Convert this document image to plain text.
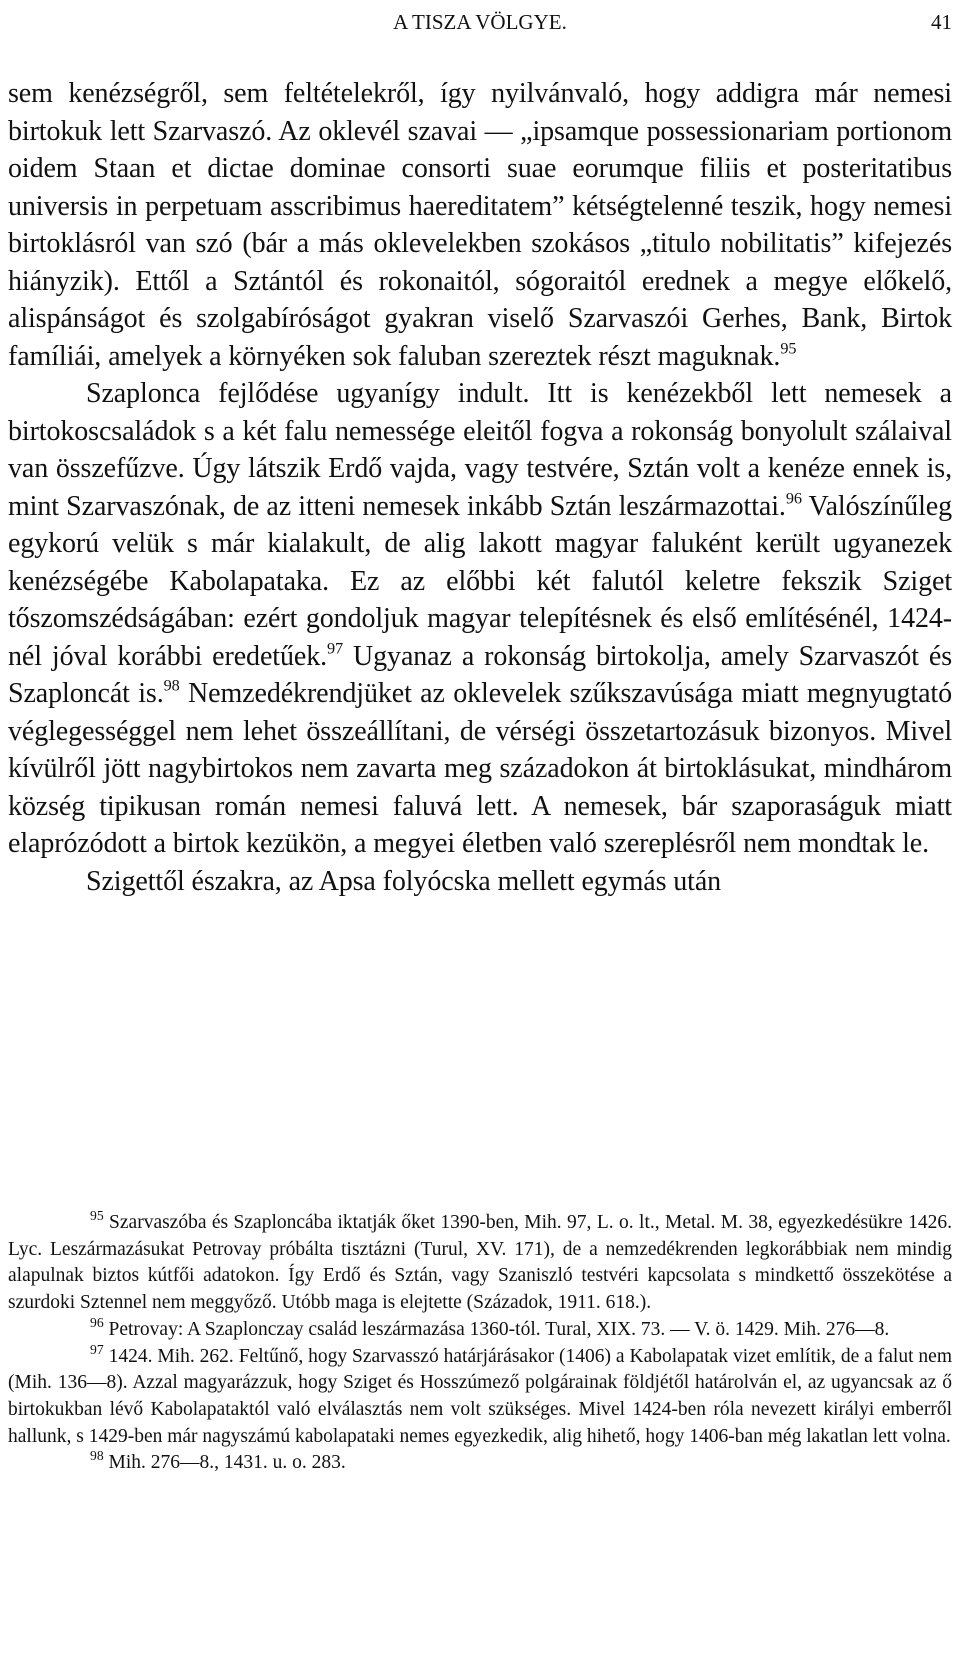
A TISZA VÖLGYE.	41

sem kenézségről, sem feltételekről, így nyilvánvaló, hogy addigra már nemesi birtokuk lett Szarvaszó. Az oklevél szavai — „ipsamque possessionariam portionom oidem Staan et dictae dominae consorti suae eorumque filiis et posteritatibus universis in perpetuam asscribimus haereditatem” kétségtelenné teszik, hogy nemesi birtoklásról van szó (bár a más oklevelekben szokásos „titulo nobilitatis” kifejezés hiányzik). Ettől a Sztántól és rokonaitól, sógoraitól erednek a megye előkelő, alispánságot és szolgabíróságot gyakran viselő Szarvaszói Gerhes, Bank, Birtok famíliái, amelyek a környéken sok faluban szereztek részt maguknak.$^{95}$

Szaplonca fejlődése ugyanígy indult. Itt is kenézekből lett nemesek a birtokoscsaládok s a két falu nemessége eleitől fogva a rokonság bonyolult szálaival van összefűzve. Úgy látszik Erdő vajda, vagy testvére, Sztán volt a kenéze ennek is, mint Szarvaszónak, de az itteni nemesek inkább Sztán leszármazottai.$^{96}$ Valószínűleg egykorú velük s már kialakult, de alig lakott magyar faluként került ugyanezek kenézségébe Kabolapataka. Ez az előbbi két falutól keletre fekszik Sziget tőszomszédságában: ezért gondoljuk magyar telepítésnek és első említésénél, 1424-nél jóval korábbi eredetűek.$^{97}$ Ugyanaz a rokonság birtokolja, amely Szarvaszót és Szaploncát is.$^{98}$ Nemzedékrendjüket az oklevelek szűkszavúsága miatt megnyugtató véglegességgel nem lehet összeállítani, de vérségi összetartozásuk bizonyos. Mivel kívülről jött nagybirtokos nem zavarta meg századokon át birtoklásukat, mindhárom község tipikusan román nemesi faluvá lett. A nemesek, bár szaporaságuk miatt elaprózódott a birtok kezükön, a megyei életben való szereplésről nem mondtak le.

Szigettől északra, az Apsa folyócska mellett egymás után

$^{95}$ Szarvaszóba és Szaploncába iktatják őket 1390-ben, Mih. 97, L. o. lt., Metal. M. 38, egyezkedésükre 1426. Lyc. Leszármazásukat Petrovay próbálta tisztázni (Turul, XV. 171), de a nemzedékrenden legkorábbiak nem mindig alapulnak biztos kútfői adatokon. Így Erdő és Sztán, vagy Szaniszló testvéri kapcsolata s mindkettő összekötése a szurdoki Sztennel nem meggyőző. Utóbb maga is elejtette (Századok, 1911. 618.).

$^{96}$ Petrovay: A Szaplonczay család leszármazása 1360-tól. Tural, XIX. 73. — V. ö. 1429. Mih. 276—8.

$^{97}$ 1424. Mih. 262. Feltűnő, hogy Szarvasszó határjárásakor (1406) a Kabolapatak vizet említik, de a falut nem (Mih. 136—8). Azzal magyarázzuk, hogy Sziget és Hosszúmező polgárainak földjétől határolván el, az ugyancsak az ő birtokukban lévő Kabolapataktól való elválasztás nem volt szükséges. Mivel 1424-ben róla nevezett királyi emberről hallunk, s 1429-ben már nagyszámú kabolapataki nemes egyezkedik, alig hihető, hogy 1406-ban még lakatlan lett volna.

$^{98}$ Mih. 276—8., 1431. u. o. 283.
